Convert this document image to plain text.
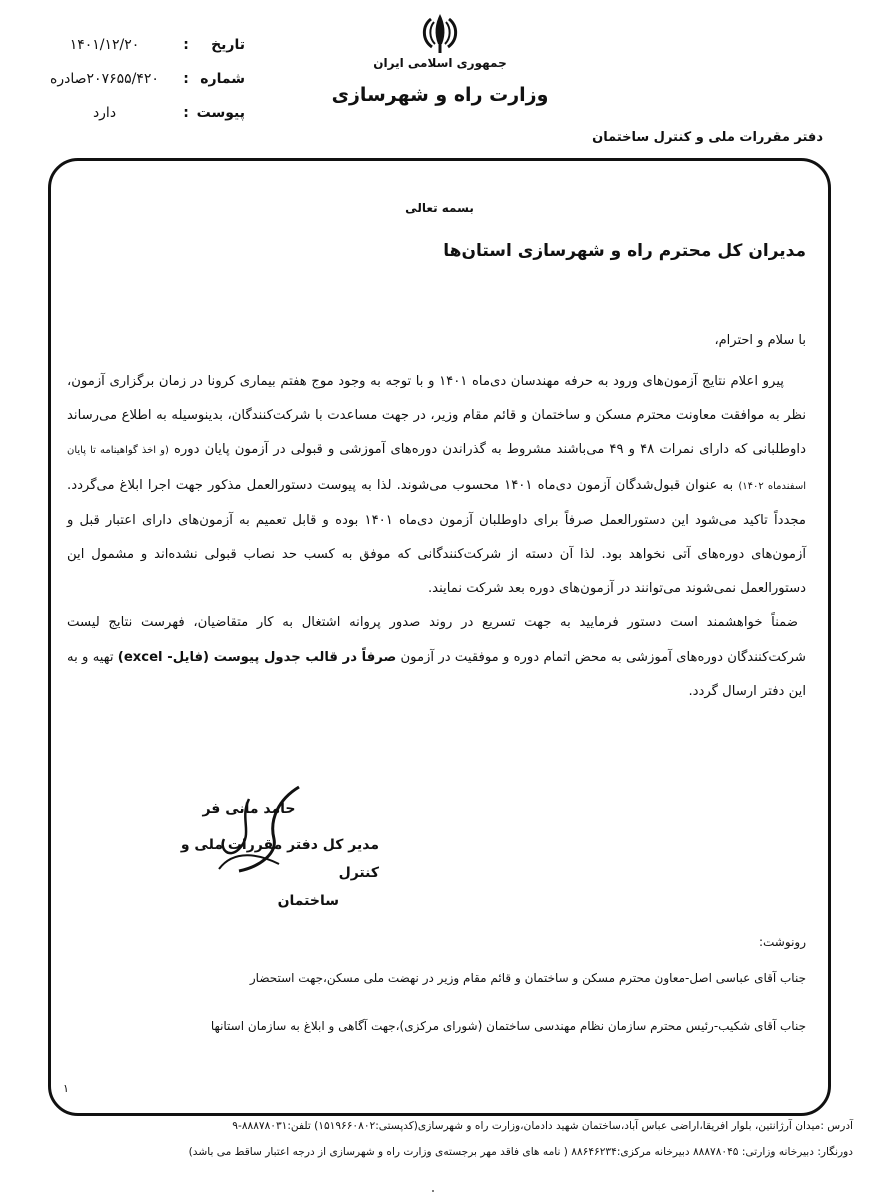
تاریخ
:
۱۴۰۱/۱۲/۲۰
شماره
:
۲۰۷۶۵۵/۴۲۰صادره
پیوست
:
دارد
جمهوری اسلامی ایران
وزارت راه و شهرسازی
دفتر مقررات ملی و کنترل ساختمان
بسمه تعالی
مدیران کل محترم راه و شهرسازی استان‌ها
با سلام و احترام،

پیرو اعلام نتایج آزمون‌های ورود به حرفه مهندسان دی‌ماه ۱۴۰۱ و با توجه به وجود موج هفتم بیماری کرونا در زمان برگزاری آزمون، نظر به موافقت معاونت محترم مسکن و ساختمان و قائم مقام وزیر، در جهت مساعدت با شرکت‌کنندگان، بدینوسیله به اطلاع می‌رساند داوطلبانی که دارای نمرات ۴۸ و ۴۹ می‌باشند مشروط به گذراندن دوره‌های آموزشی و قبولی در آزمون پایان دوره (و اخذ گواهینامه تا پایان اسفندماه ۱۴۰۲) به عنوان قبول‌شدگان آزمون دی‌ماه ۱۴۰۱ محسوب می‌شوند. لذا به پیوست دستورالعمل مذکور جهت اجرا ابلاغ می‌گردد. مجدداً تاکید می‌شود این دستورالعمل صرفاً برای داوطلبان آزمون دی‌ماه ۱۴۰۱ بوده و قابل تعمیم به آزمون‌های دارای اعتبار قبل و آزمون‌های دوره‌های آتی نخواهد بود. لذا آن دسته از شرکت‌کنندگانی که موفق به کسب حد نصاب قبولی نشده‌اند و مشمول این دستورالعمل نمی‌شوند می‌توانند در آزمون‌های دوره بعد شرکت نمایند.

ضمناً خواهشمند است دستور فرمایید به جهت تسریع در روند صدور پروانه اشتغال به کار متقاضیان، فهرست نتایج لیست شرکت‌کنندگان دوره‌های آموزشی به محض اتمام دوره و موفقیت در آزمون صرفاً در قالب جدول پیوست (فایل- excel) تهیه و به این دفتر ارسال گردد.

حامد مانی فر
مدیر کل دفتر مقررات ملی و کنترل
ساختمان
رونوشت:
جناب آقای عباسی اصل-معاون محترم مسکن و ساختمان و قائم مقام وزیر در نهضت ملی مسکن،جهت استحضار
جناب آقای شکیب-رئیس محترم سازمان نظام مهندسی ساختمان (شورای مرکزی)،جهت آگاهی و ابلاغ به سازمان استانها
۱
آدرس :میدان آرژانتین، بلوار افریقا،اراضی عباس آباد،ساختمان شهید دادمان،وزارت راه و شهرسازی(کدپستی:۱۵۱۹۶۶۰۸۰۲) تلفن:۸۸۸۷۸۰۳۱-۹
دورنگار: دبیرخانه وزارتی: ۸۸۸۷۸۰۴۵ دبیرخانه مرکزی:۸۸۶۴۶۲۳۴ ( نامه های فاقد مهر برجسته‌ی وزارت راه و شهرسازی از درجه اعتبار ساقط می باشد)
